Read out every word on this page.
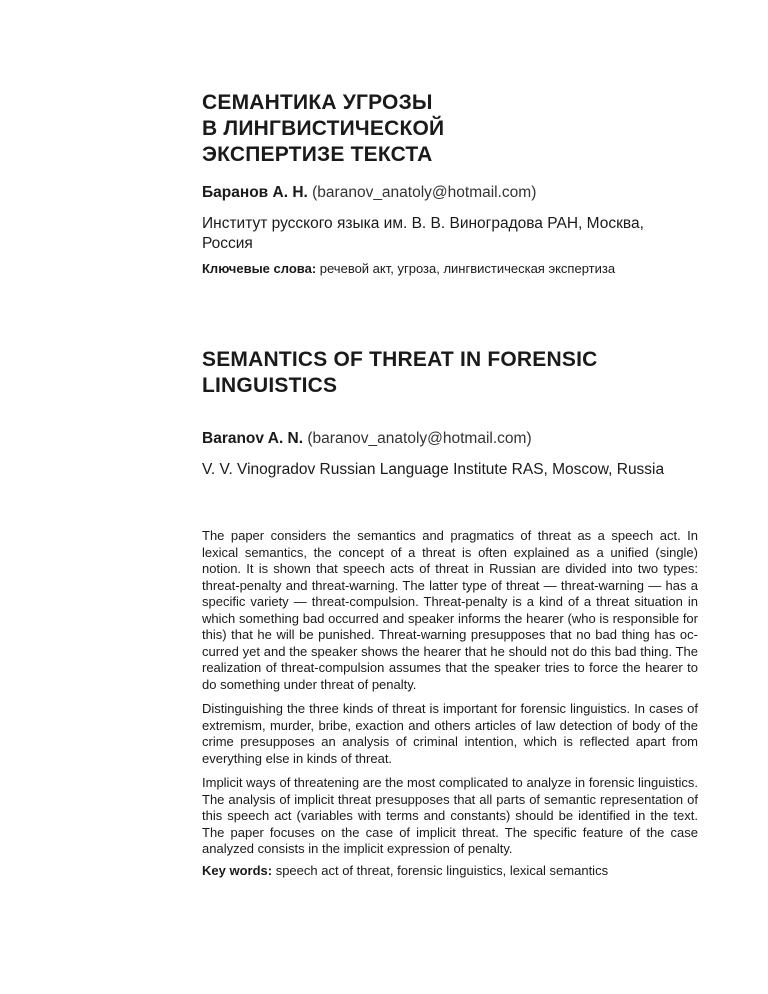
СЕМАНТИКА УГРОЗЫ
В ЛИНГВИСТИЧЕСКОЙ
ЭКСПЕРТИЗЕ ТЕКСТА
Баранов А. Н. (baranov_anatoly@hotmail.com)
Институт русского языка им. В. В. Виноградова РАН, Москва, Россия
Ключевые слова: речевой акт, угроза, лингвистическая экспертиза
SEMANTICS OF THREAT IN FORENSIC
LINGUISTICS
Baranov A. N. (baranov_anatoly@hotmail.com)
V. V. Vinogradov Russian Language Institute RAS, Moscow, Russia

The paper considers the semantics and pragmatics of threat as a speech act. In lexical semantics, the concept of a threat is often explained as a unified (single) notion. It is shown that speech acts of threat in Russian are divided into two types: threat-penalty and threat-warning. The latter type of threat — threat-warning — has a specific variety — threat-compulsion. Threat-penalty is a kind of a threat situation in which something bad occurred and speaker informs the hearer (who is responsible for this) that he will be punished. Threat-warning presupposes that no bad thing has occurred yet and the speaker shows the hearer that he should not do this bad thing. The realization of threat-compulsion assumes that the speaker tries to force the hearer to do something under threat of penalty.

Distinguishing the three kinds of threat is important for forensic linguistics. In cases of extremism, murder, bribe, exaction and others articles of law detection of body of the crime presupposes an analysis of criminal intention, which is reflected apart from everything else in kinds of threat.

Implicit ways of threatening are the most complicated to analyze in forensic linguistics. The analysis of implicit threat presupposes that all parts of semantic representation of this speech act (variables with terms and constants) should be identified in the text. The paper focuses on the case of implicit threat. The specific feature of the case analyzed consists in the implicit expression of penalty.

Key words: speech act of threat, forensic linguistics, lexical semantics
